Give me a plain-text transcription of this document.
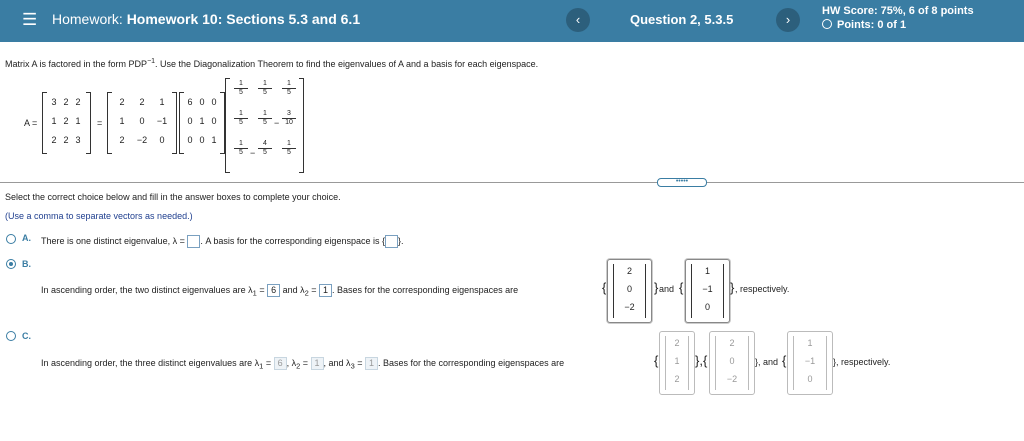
☰ Homework: Homework 10: Sections 5.3 and 6.1	‹	Question 2, 5.3.5	›
HW Score: 75%, 6 of 8 points
Points: 0 of 1
Matrix A is factored in the form $PDP^{-1}$. Use the Diagonalization Theorem to find the eigenvalues of A and a basis for each eigenspace.
A =	=
3 2 2
1 2 1
2 2 3
2	2	1
1	0	−1
2	−2	0
6 0 0
0 1 0
0 0 1
$\frac{1}{5} \frac{1}{5} \frac{1}{5}$
$\frac{1}{5} \frac{1}{5} - \frac{3}{10}$
$\frac{1}{5} - \frac{4}{5} \frac{1}{5}$
•••••
Select the correct choice below and fill in the answer boxes to complete your choice.
(Use a comma to separate vectors as needed.)
A. There is one distinct eigenvalue, λ = . A basis for the corresponding eigenspace is { }.
B.
In ascending order, the two distinct eigenvalues are $\lambda_1 = 6$ and $\lambda_2 = 1$ . Bases for the corresponding eigenspaces are	{
2
0
−2
} and {
1
−1
0
} , respectively.
C.
In ascending order, the three distinct eigenvalues are $\lambda_1 = 6$ , $\lambda_2 = 1$ , and $\lambda_3 = 1$ . Bases for the corresponding eigenspaces are	{
2
1
2
},{
2
0
−2
}, and {
1
−1
0
}, respectively.
